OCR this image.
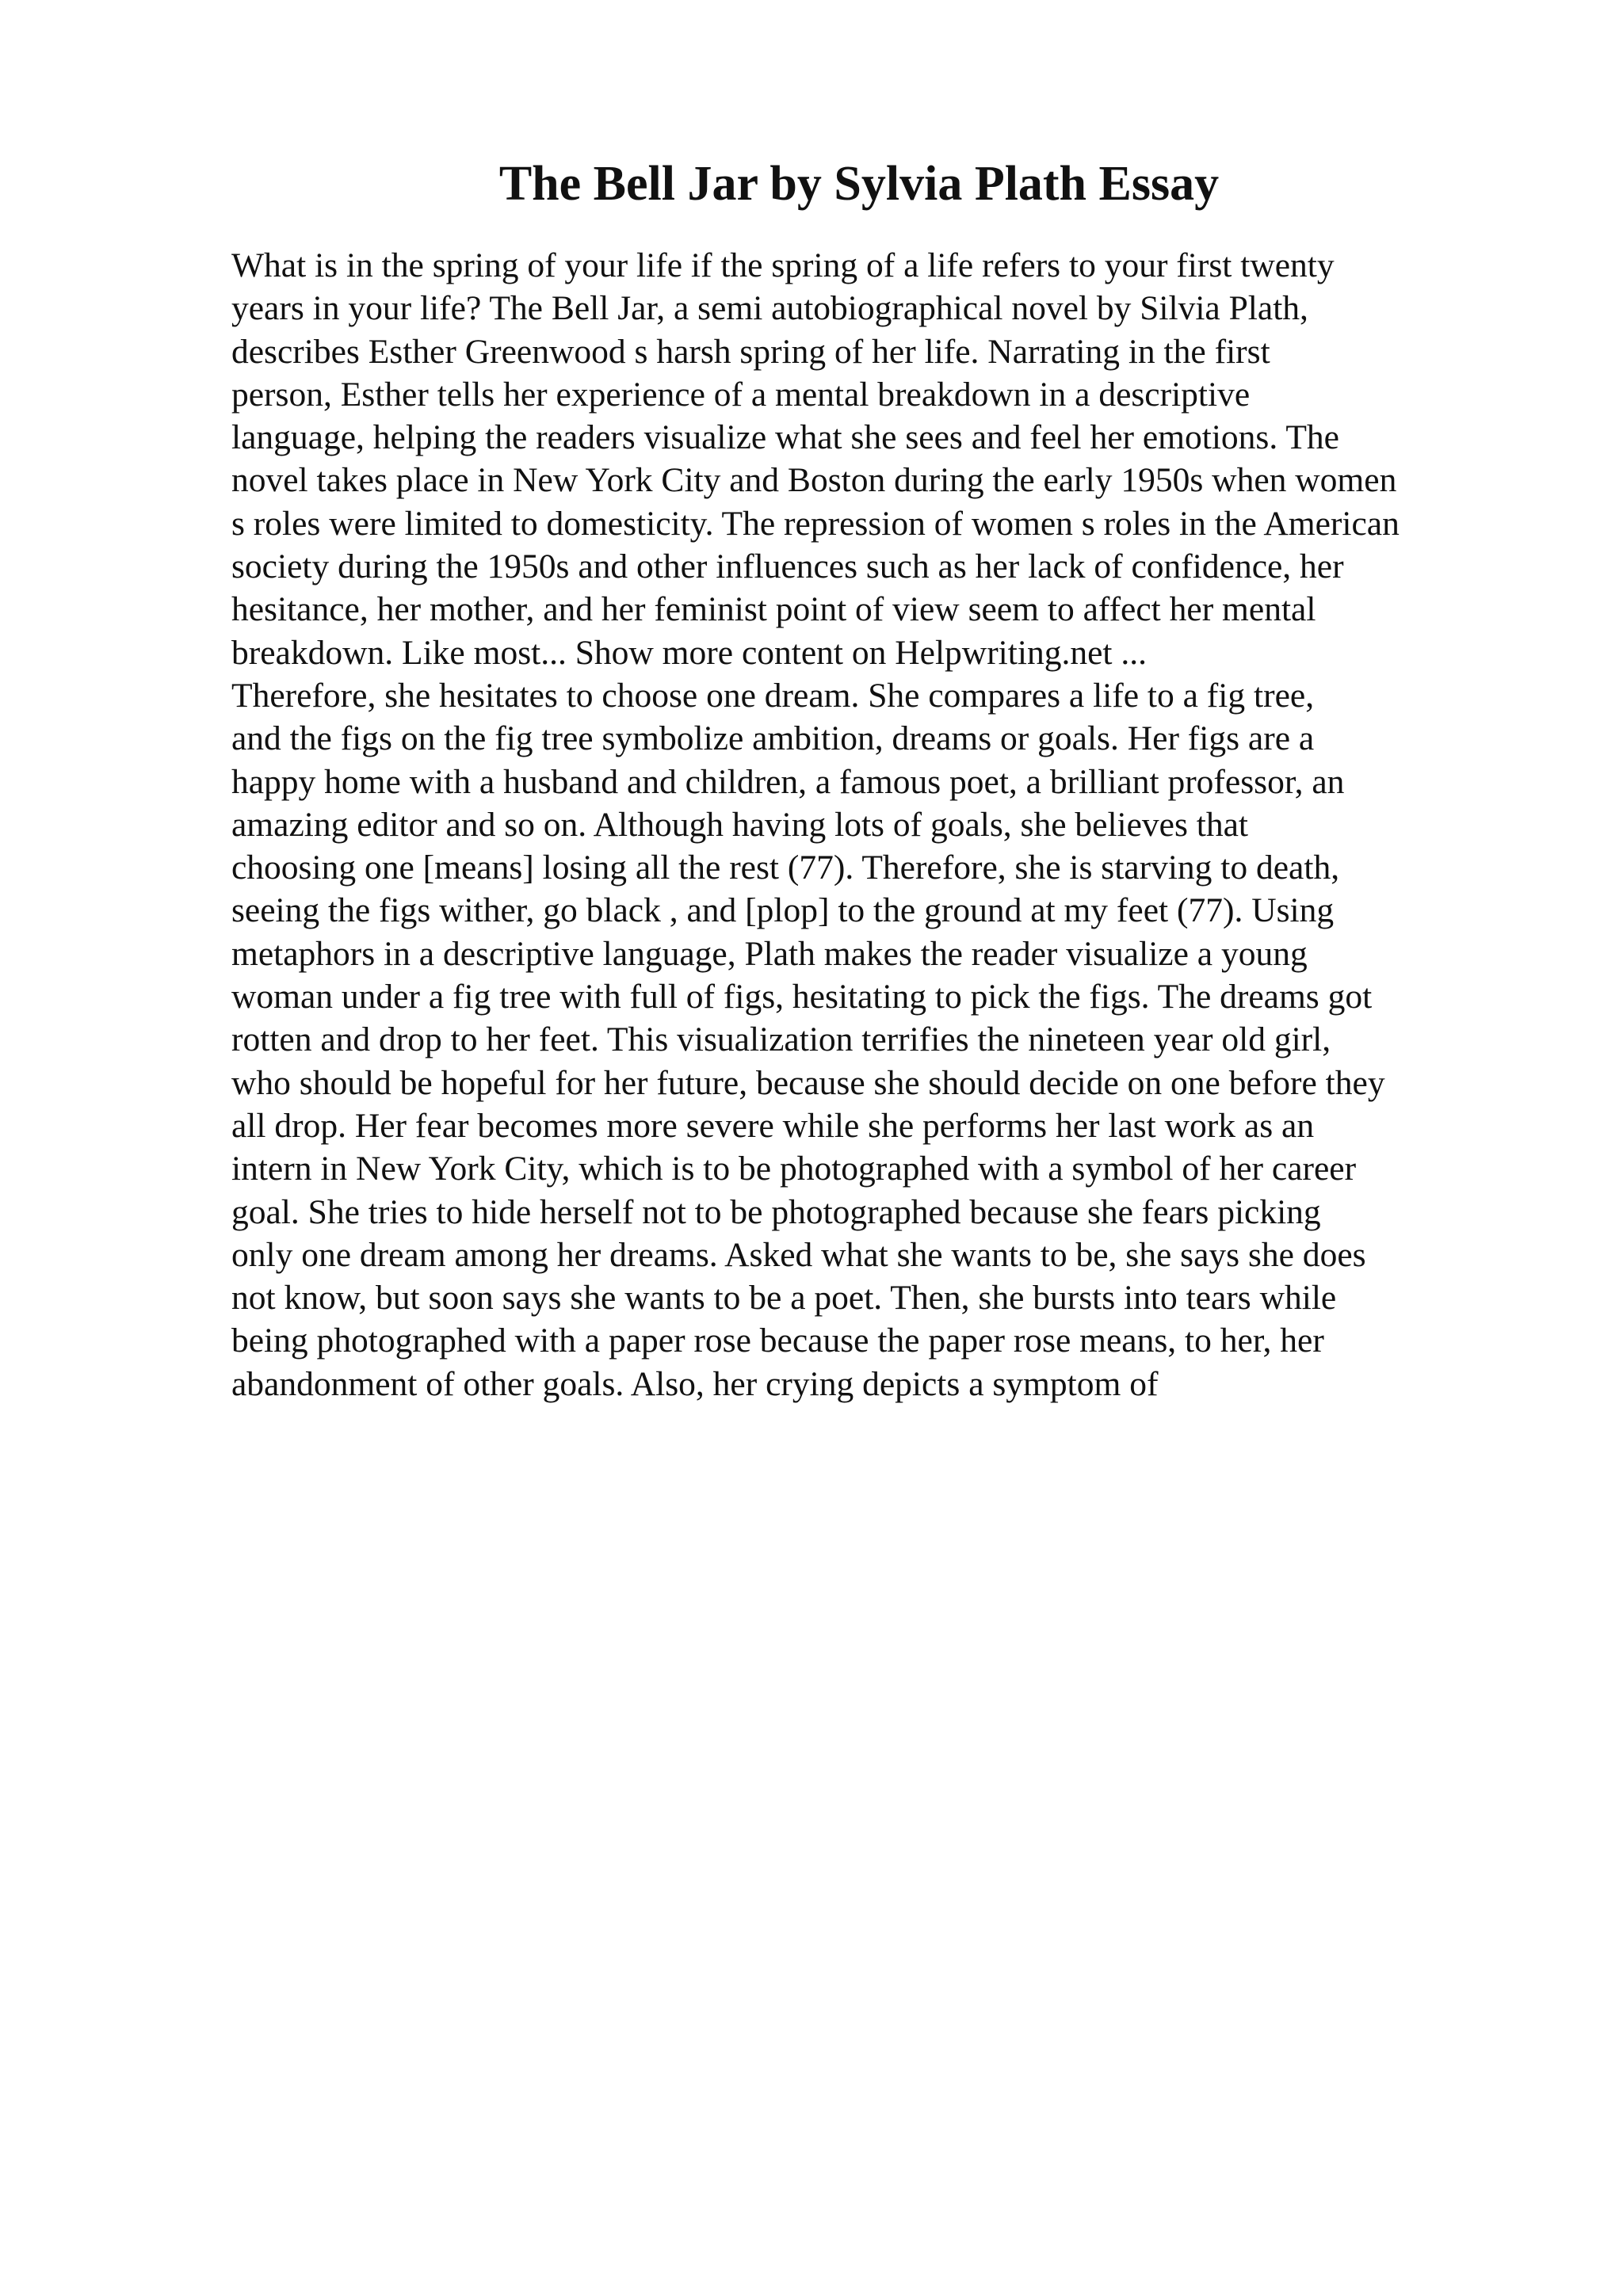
The Bell Jar by Sylvia Plath Essay
What is in the spring of your life if the spring of a life refers to your first twenty
years in your life? The Bell Jar, a semi autobiographical novel by Silvia Plath,
describes Esther Greenwood s harsh spring of her life. Narrating in the first
person, Esther tells her experience of a mental breakdown in a descriptive
language, helping the readers visualize what she sees and feel her emotions. The
novel takes place in New York City and Boston during the early 1950s when women
s roles were limited to domesticity. The repression of women s roles in the American
society during the 1950s and other influences such as her lack of confidence, her
hesitance, her mother, and her feminist point of view seem to affect her mental
breakdown. Like most... Show more content on Helpwriting.net ...
Therefore, she hesitates to choose one dream. She compares a life to a fig tree,
and the figs on the fig tree symbolize ambition, dreams or goals. Her figs are a
happy home with a husband and children, a famous poet, a brilliant professor, an
amazing editor and so on. Although having lots of goals, she believes that
choosing one [means] losing all the rest (77). Therefore, she is starving to death,
seeing the figs wither, go black , and [plop] to the ground at my feet (77). Using
metaphors in a descriptive language, Plath makes the reader visualize a young
woman under a fig tree with full of figs, hesitating to pick the figs. The dreams got
rotten and drop to her feet. This visualization terrifies the nineteen year old girl,
who should be hopeful for her future, because she should decide on one before they
all drop. Her fear becomes more severe while she performs her last work as an
intern in New York City, which is to be photographed with a symbol of her career
goal. She tries to hide herself not to be photographed because she fears picking
only one dream among her dreams. Asked what she wants to be, she says she does
not know, but soon says she wants to be a poet. Then, she bursts into tears while
being photographed with a paper rose because the paper rose means, to her, her
abandonment of other goals. Also, her crying depicts a symptom of
